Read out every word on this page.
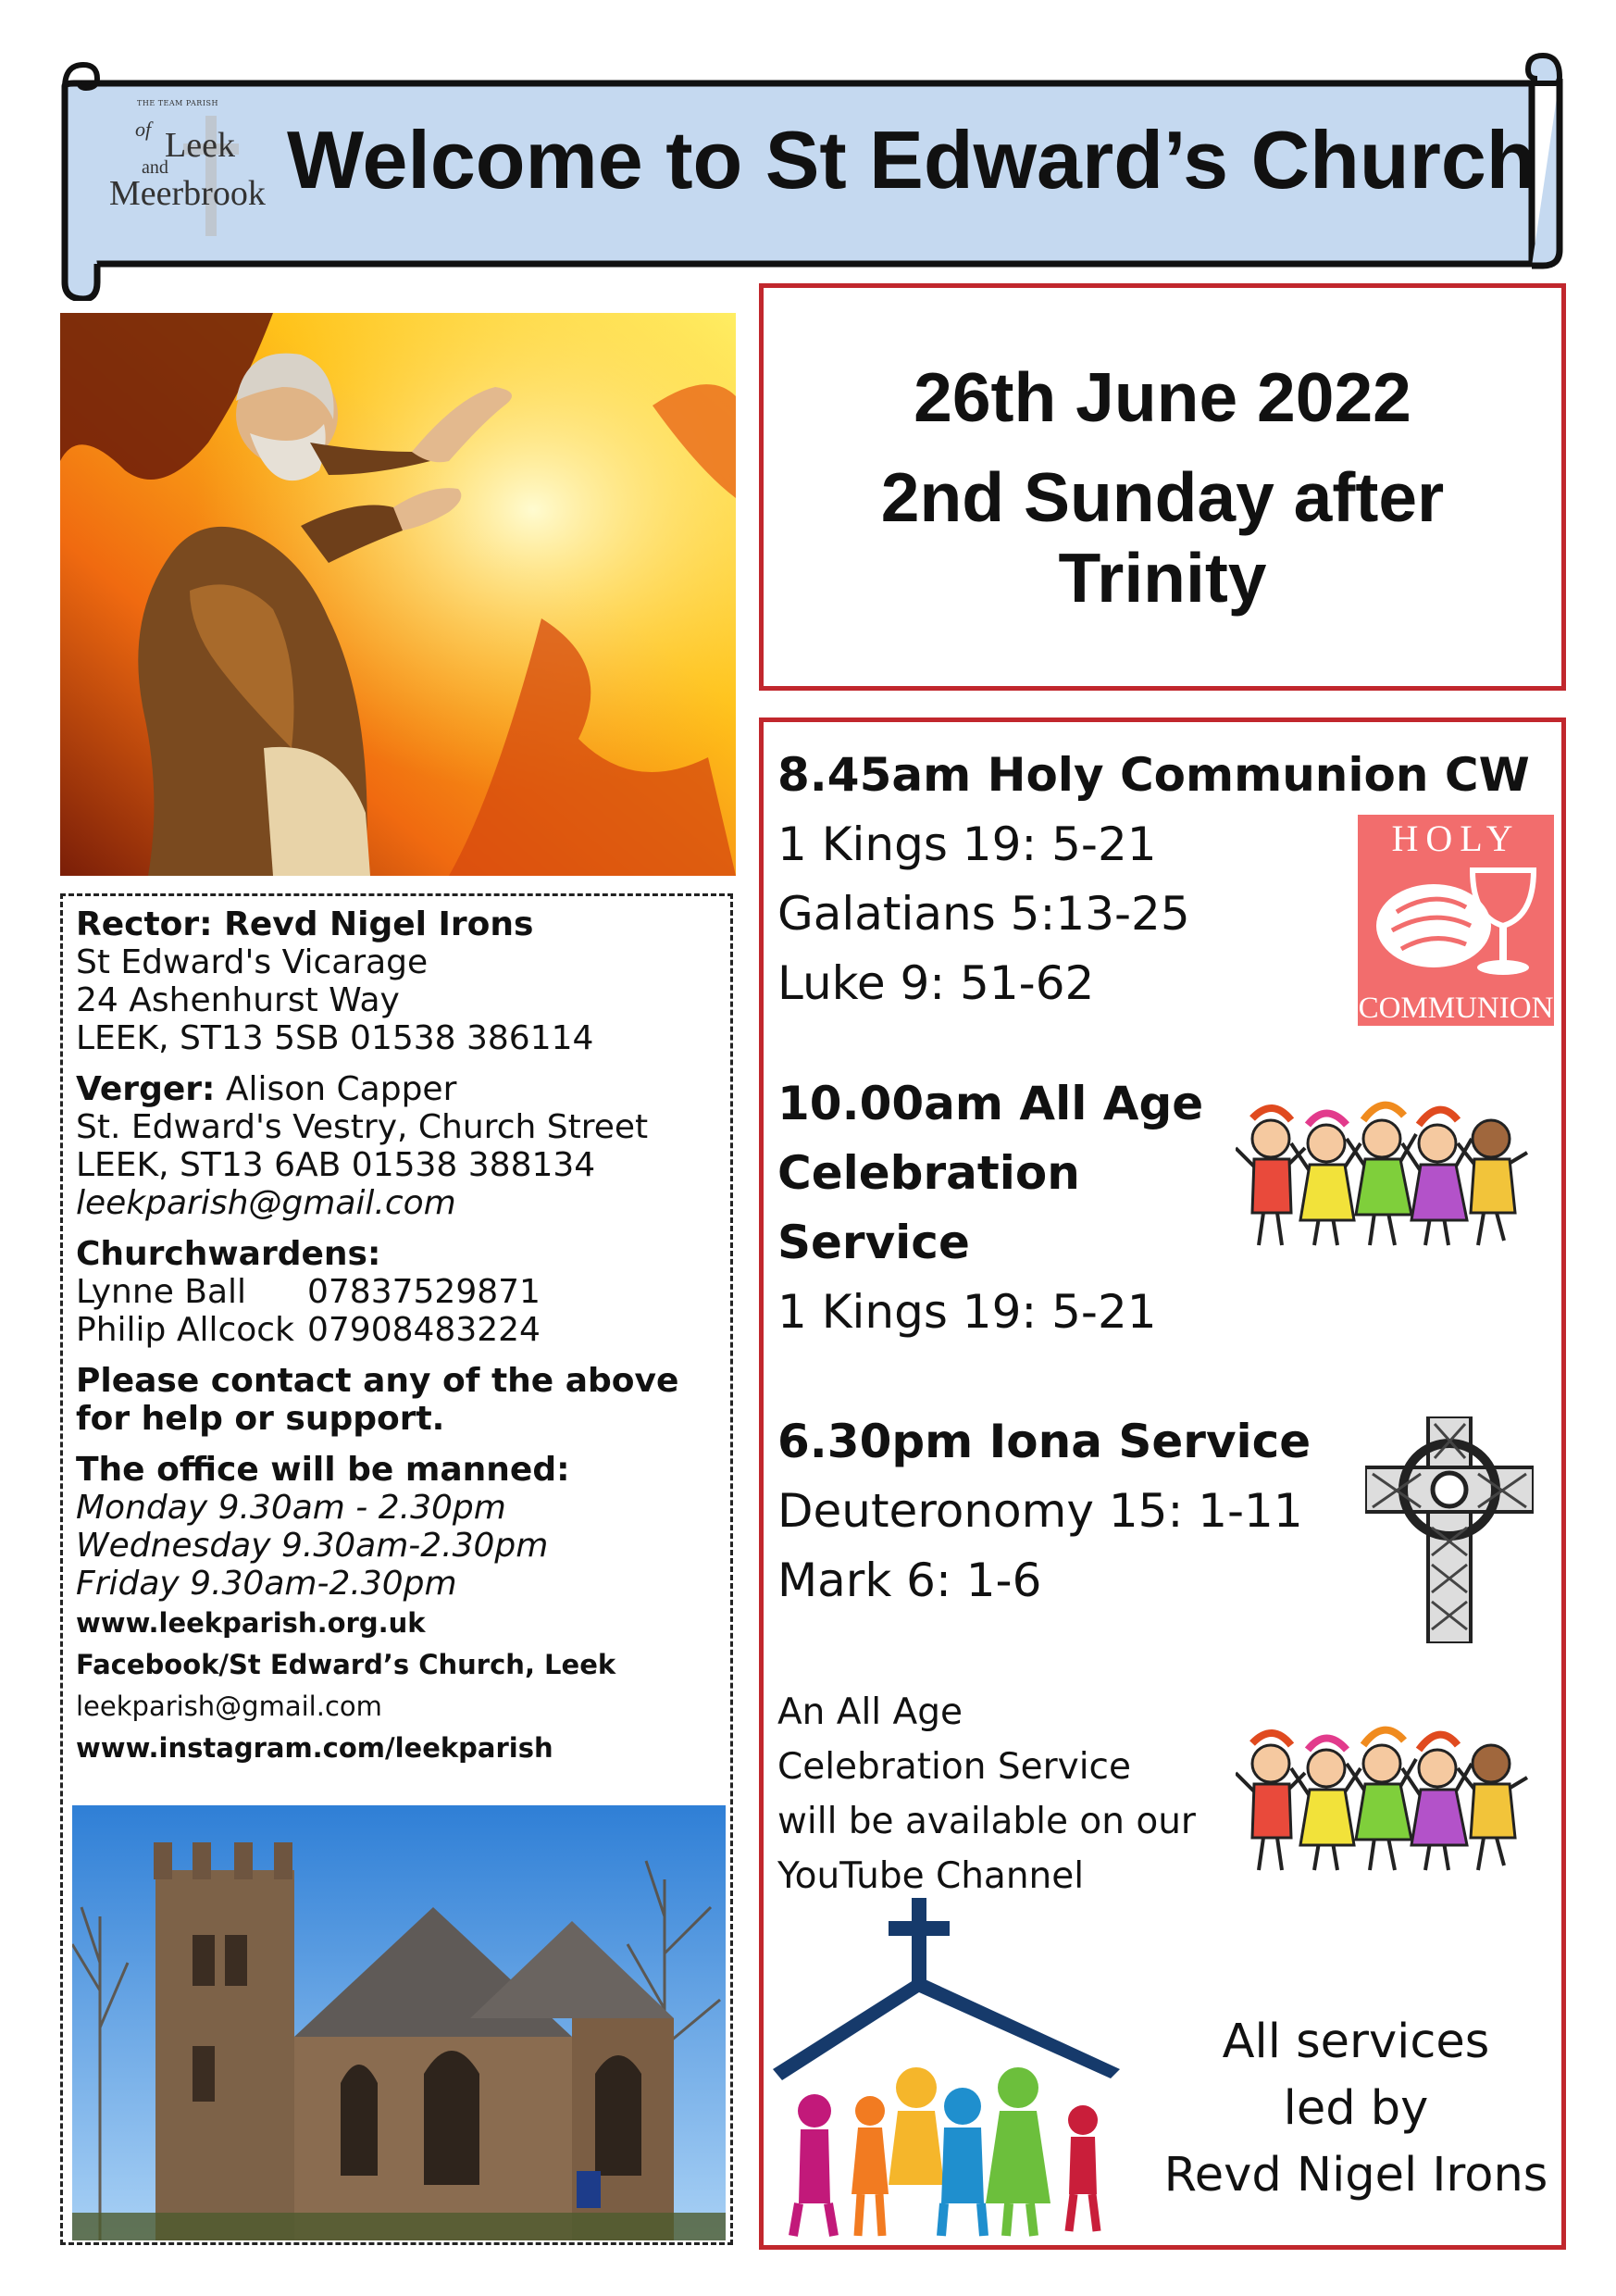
THE TEAM PARISH
of Leek
and
Meerbrook Welcome to St Edward’s Church
Rector: Revd Nigel Irons
St Edward's Vicarage
24 Ashenhurst Way
LEEK, ST13 5SB 01538 386114
Verger: Alison Capper
St. Edward's Vestry, Church Street
LEEK, ST13 6AB 01538 388134
leekparish@gmail.com
Churchwardens:
Lynne Ball	07837529871
Philip Allcock 07908483224
Please contact any of the above
for help or support.
The office will be manned:
Monday 9.30am - 2.30pm
Wednesday 9.30am-2.30pm
Friday 9.30am-2.30pm
www.leekparish.org.uk
Facebook/St Edward’s Church, Leek
leekparish@gmail.com
www.instagram.com/leekparish
26th June 2022
2nd Sunday after
Trinity
8.45am Holy Communion CW
1 Kings 19: 5-21
Galatians 5:13-25
Luke 9: 51-62
HOLY
COMMUNION
10.00am All Age
Celebration
Service
1 Kings 19: 5-21
6.30pm Iona Service
Deuteronomy 15: 1-11
Mark 6: 1-6
An All Age
Celebration Service
will be available on our
YouTube Channel
All services
led by
Revd Nigel Irons
